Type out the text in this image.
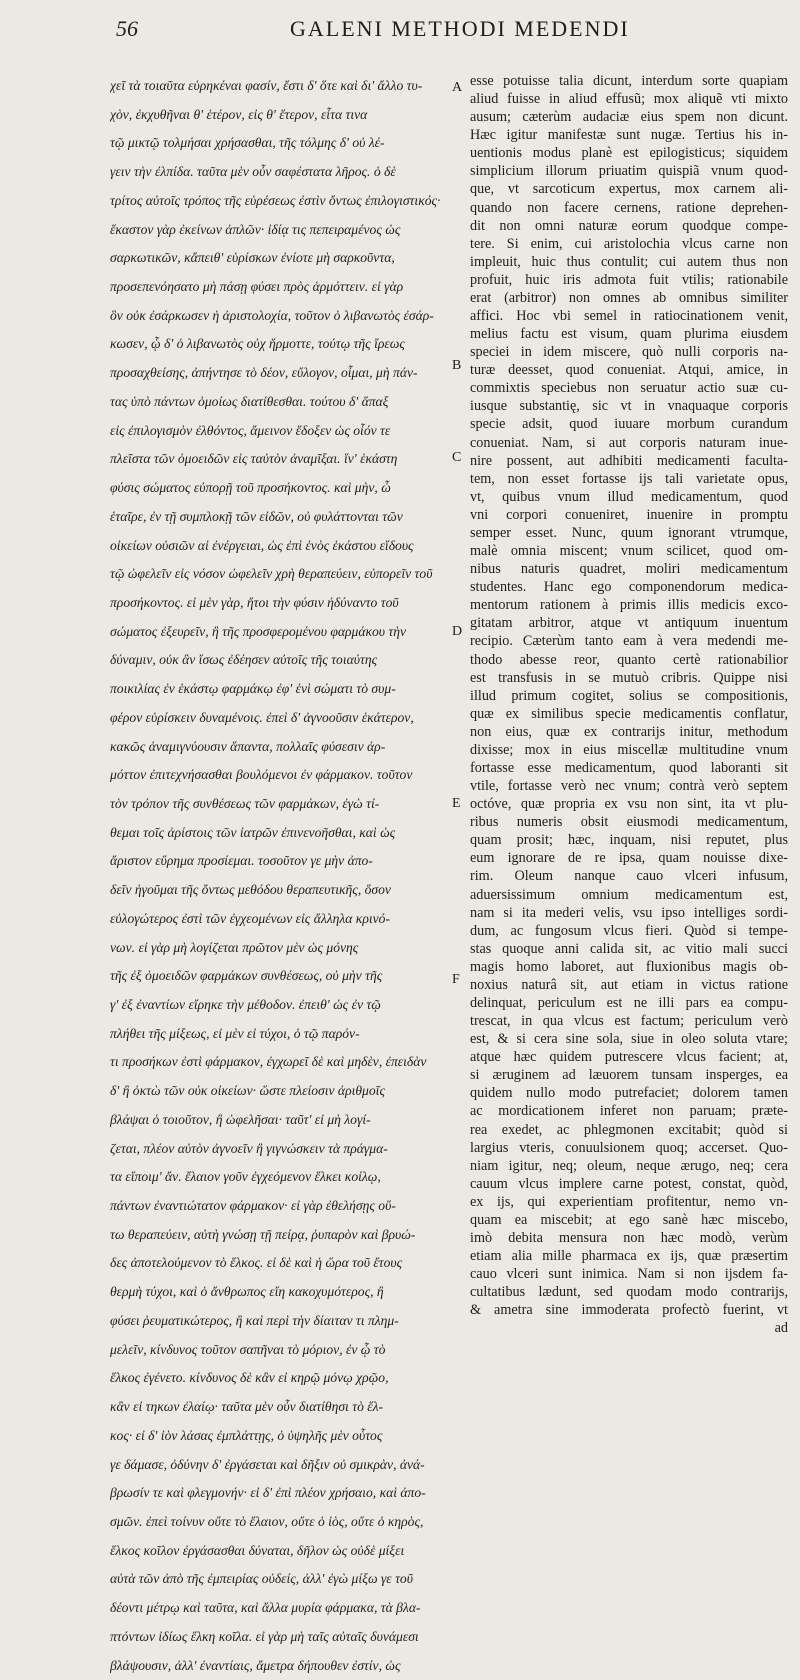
56	GALENI METHODI MEDENDI
χεῖ τὰ τοιαῦτα εὑρηκέναι φασίν, ἔστι δ' ὅτε καὶ δι' ἄλλο τυ-
χὸν, ἐκχυθῆναι θ' ἑτέρον, εἰς θ' ἕτερον, εἶτα τινα
τῷ μικτῷ τολμήσαι χρήσασθαι, τῆς τόλμης δ' οὐ λέ-
γειν τὴν ἐλπίδα. ταῦτα μὲν οὖν σαφέστατα λῆρος. ὁ δὲ
τρίτος αὐτοῖς τρόπος τῆς εὑρέσεως ἐστὶν ὄντως ἐπιλογιστικός·
ἕκαστον γὰρ ἐκείνων ἁπλῶν· ἰδίᾳ τις πεπειραμένος ὡς
σαρκωτικῶν, κἄπειθ' εὑρίσκων ἐνίοτε μὴ σαρκοῦντα,
προσεπενόησατο μὴ πάσῃ φύσει πρὸς ἁρμόττειν. εἰ γὰρ
ὃν οὐκ ἐσάρκωσεν ἡ ἀριστολοχία, τοῦτον ὁ λιβανωτὸς ἐσάρ-
κωσεν, ᾧ δ' ὁ λιβανωτὸς οὐχ ἥρμοττε, τούτῳ τῆς ἴρεως
προσαχθείσης, ἀπήντησε τὸ δέον, εὔλογον, οἶμαι, μὴ πάν-
τας ὑπὸ πάντων ὁμοίως διατίθεσθαι. τούτου δ' ἅπαξ
εἰς ἐπιλογισμὸν ἐλθόντος, ἄμεινον ἔδοξεν ὡς οἷόν τε
πλεῖστα τῶν ὁμοειδῶν εἰς ταὐτὸν ἀναμῖξαι. ἵν' ἑκάστη
φύσις σώματος εὐπορῇ τοῦ προσήκοντος. καὶ μὴν, ὦ
ἑταῖρε, ἐν τῇ συμπλοκῇ τῶν εἰδῶν, οὐ φυλάττονται τῶν
οἰκείων οὐσιῶν αἱ ἐνέργειαι, ὡς ἐπὶ ἑνὸς ἑκάστου εἴδους
τῷ ὠφελεῖν εἰς νόσον ὠφελεῖν χρὴ θεραπεύειν, εὐπορεῖν τοῦ
προσήκοντος. εἰ μὲν γὰρ, ἤτοι τὴν φύσιν ἠδύναντο τοῦ
σώματος ἐξευρεῖν, ἢ τῆς προσφερομένου φαρμάκου τὴν
δύναμιν, οὐκ ἂν ἴσως ἐδέησεν αὐτοῖς τῆς τοιαύτης
ποικιλίας ἐν ἑκάστῳ φαρμάκῳ ἐφ' ἑνὶ σώματι τὸ συμ-
φέρον εὑρίσκειν δυναμένοις. ἐπεὶ δ' ἀγνοοῦσιν ἑκάτερον,
κακῶς ἀναμιγνύουσιν ἅπαντα, πολλαῖς φύσεσιν ἁρ-
μόττον ἐπιτεχνήσασθαι βουλόμενοι ἐν φάρμακον. τοῦτον
τὸν τρόπον τῆς συνθέσεως τῶν φαρμάκων, ἐγὼ τί-
θεμαι τοῖς ἀρίστοις τῶν ἰατρῶν ἐπινενοῆσθαι, καὶ ὡς
ἄριστον εὕρημα προσίεμαι. τοσοῦτον γε μὴν ἀπο-
δεῖν ἡγοῦμαι τῆς ὄντως μεθόδου θεραπευτικῆς, ὅσον
εὐλογώτερος ἐστὶ τῶν ἐγχεομένων εἰς ἄλληλα κρινό-
νων. εἰ γὰρ μὴ λογίζεται πρῶτον μὲν ὡς μόνης
τῆς ἐξ ὁμοειδῶν φαρμάκων συνθέσεως, οὐ μὴν τῆς
γ' ἐξ ἐναντίων εἴρηκε τὴν μέθοδον. ἐπειθ' ὡς ἐν τῷ
πλήθει τῆς μίξεως, εἰ μὲν εἰ τύχοι, ὁ τῷ παρόν-
τι προσήκων ἐστὶ φάρμακον, ἐγχωρεῖ δὲ καὶ μηδὲν, ἐπειδὰν
δ' ἢ ὀκτὼ τῶν οὐκ οἰκείων· ὥστε πλείοσιν ἀριθμοῖς
βλάψαι ὁ τοιοῦτον, ἢ ὠφελῆσαι· ταῦτ' εἰ μὴ λογί-
ζεται, πλέον αὐτὸν ἀγνοεῖν ἢ γιγνώσκειν τὰ πράγμα-
τα εἴποιμ' ἄν. ἔλαιον γοῦν ἐγχεόμενον ἕλκει κοίλῳ,
πάντων ἐναντιώτατον φάρμακον· εἰ γὰρ ἐθελήσῃς οὕ-
τω θεραπεύειν, αὐτὴ γνώσῃ τῇ πείρᾳ, ῥυπαρὸν καὶ βρυώ-
δες ἀποτελούμενον τὸ ἕλκος. εἰ δὲ καὶ ἡ ὥρα τοῦ ἔτους
θερμὴ τύχοι, καὶ ὁ ἄνθρωπος εἴη κακοχυμότερος, ἢ
φύσει ῥευματικώτερος, ἢ καὶ περὶ τὴν δίαιταν τι πλημ-
μελεῖν, κίνδυνος τοῦτον σαπῆναι τὸ μόριον, ἐν ᾧ τὸ
ἕλκος ἐγένετο. κίνδυνος δὲ κἂν εἰ κηρῷ μόνῳ χρῷο,
κἂν εἰ τηκων ἐλαίῳ· ταῦτα μὲν οὖν διατίθησι τὸ ἕλ-
κος· εἰ δ' ἰὸν λάσας ἐμπλάττῃς, ὁ ὑψηλῆς μὲν οὗτος
γε δάμασε, ὀδύνην δ' ἐργάσεται καὶ δῆξιν οὐ σμικρὰν, ἀνά-
βρωσίν τε καὶ φλεγμονήν· εἰ δ' ἐπὶ πλέον χρήσαιο, καὶ ἀπο-
σμῶν. ἐπεὶ τοίνυν οὔτε τὸ ἔλαιον, οὔτε ὁ ἰὸς, οὔτε ὁ κηρὸς,
ἕλκος κοῖλον ἐργάσασθαι δύναται, δῆλον ὡς οὐδὲ μίξει
αὐτὰ τῶν ἀπὸ τῆς ἐμπειρίας οὐδείς, ἀλλ' ἐγὼ μίξω γε τοῦ
δέοντι μέτρῳ καὶ ταῦτα, καὶ ἄλλα μυρία φάρμακα, τὰ βλα-
πτόντων ἰδίως ἕλκη κοῖλα. εἰ γὰρ μὴ ταῖς αὐταῖς δυνάμεσι
βλάψουσιν, ἀλλ' ἐναντίαις, ἄμετρα δήπουθεν ἐστίν, ὡς
A
B
C
D
E
F
esse potuisse talia dicunt, interdum sorte quapiam
aliud fuisse in aliud effusũ; mox aliquẽ vti mixto
ausum; cæterùm audaciæ eius spem non dicunt.
Hæc igitur manifestæ sunt nugæ. Tertius his in-
uentionis modus planè est epilogisticus; siquidem
simplicium illorum priuatim quispiã vnum quod-
que, vt sarcoticum expertus, mox carnem ali-
quando non facere cernens, ratione deprehen-
dit non omni naturæ eorum quodque compe-
tere. Si enim, cui aristolochia vlcus carne non
impleuit, huic thus contulit; cui autem thus non
profuit, huic iris admota fuit vtilis; rationabile
erat (arbitror) non omnes ab omnibus similiter
affici. Hoc vbi semel in ratiocinationem venit,
melius factu est visum, quam plurima eiusdem
speciei in idem miscere, quò nulli corporis na-
turæ deesset, quod conueniat. Atqui, amice, in
commixtis speciebus non seruatur actio suæ cu-
iusque substantię, sic vt in vnaquaque corporis
specie adsit, quod iuuare morbum curandum
conueniat. Nam, si aut corporis naturam inue-
nire possent, aut adhibiti medicamenti faculta-
tem, non esset fortasse ijs tali varietate opus,
vt, quibus vnum illud medicamentum, quod
vni corpori conueniret, inuenire in promptu
semper esset. Nunc, quum ignorant vtrumque,
malè omnia miscent; vnum scilicet, quod om-
nibus naturis quadret, moliri medicamentum
studentes. Hanc ego componendorum medica-
mentorum rationem à primis illis medicis exco-
gitatam arbitror, atque vt antiquum inuentum
recipio. Cæterùm tanto eam à vera medendi me-
thodo abesse reor, quanto certè rationabilior
est transfusis in se mutuò cribris. Quippe nisi
illud primum cogitet, solius se compositionis,
quæ ex similibus specie medicamentis conflatur,
non eius, quæ ex contrarijs initur, methodum
dixisse; mox in eius miscellæ multitudine vnum
fortasse esse medicamentum, quod laboranti sit
vtile, fortasse verò nec vnum; contrà verò septem
octóve, quæ propria ex vsu non sint, ita vt plu-
ribus numeris obsit eiusmodi medicamentum,
quam prosit; hæc, inquam, nisi reputet, plus
eum ignorare de re ipsa, quam nouisse dixe-
rim. Oleum nanque cauo vlceri infusum,
aduersissimum omnium medicamentum est,
nam si ita mederi velis, vsu ipso intelliges sordi-
dum, ac fungosum vlcus fieri. Quòd si tempe-
stas quoque anni calida sit, ac vitio mali succi
magis homo laboret, aut fluxionibus magis ob-
noxius naturâ sit, aut etiam in victus ratione
delinquat, periculum est ne illi pars ea compu-
trescat, in qua vlcus est factum; periculum verò
est, & si cera sine sola, siue in oleo soluta vtare;
atque hæc quidem putrescere vlcus facient; at,
si æruginem ad læuorem tunsam insperges, ea
quidem nullo modo putrefaciet; dolorem tamen
ac mordicationem inferet non paruam; præte-
rea exedet, ac phlegmonen excitabit; quòd si
largius vteris, conuulsionem quoq; accerset. Quo-
niam igitur, neq; oleum, neque ærugo, neq; cera
cauum vlcus implere carne potest, constat, quòd,
ex ijs, qui experientiam profitentur, nemo vn-
quam ea miscebit; at ego sanè hæc miscebo,
imò debita mensura non hæc modò, verùm
etiam alia mille pharmaca ex ijs, quæ præsertim
cauo vlceri sunt inimica. Nam si non ijsdem fa-
cultatibus lædunt, sed quodam modo contrarijs,
& ametra sine immoderata profectò fuerint, vt
ad
